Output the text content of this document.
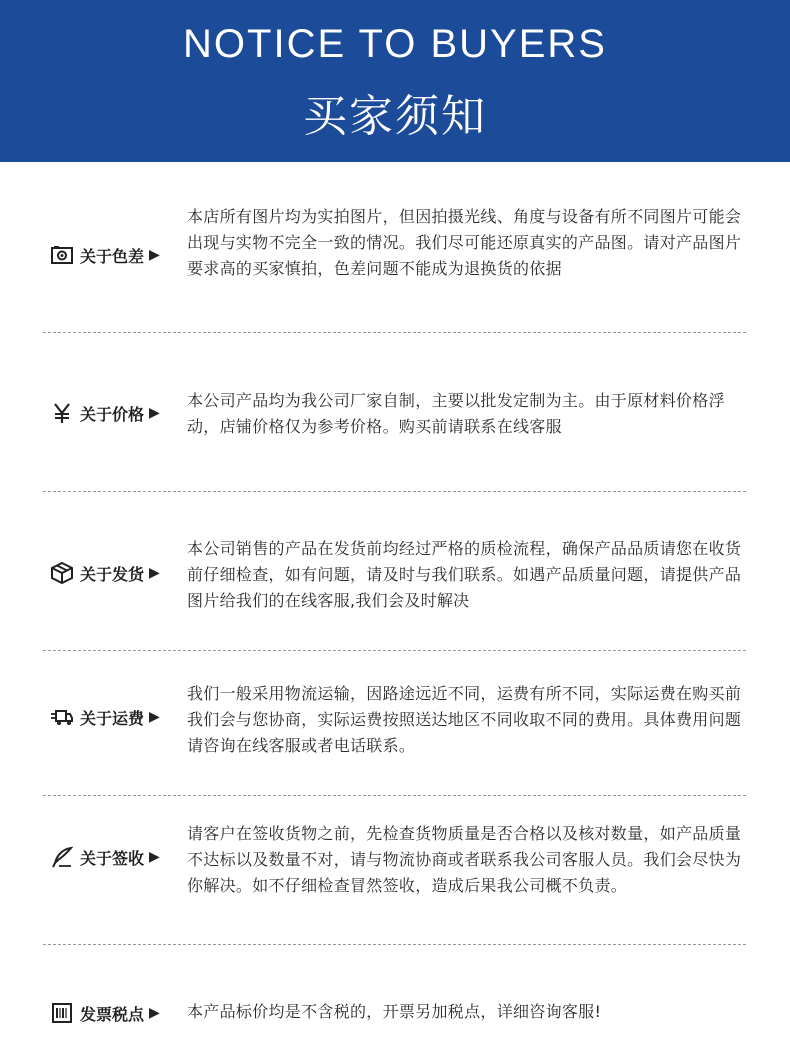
NOTICE TO BUYERS
买家须知
关于色差 ▶
本店所有图片均为实拍图片，但因拍摄光线、角度与设备有所不同图片可能会出现与实物不完全一致的情况。我们尽可能还原真实的产品图。请对产品图片要求高的买家慎拍，色差问题不能成为退换货的依据
关于价格 ▶
本公司产品均为我公司厂家自制，主要以批发定制为主。由于原材料价格浮动，店铺价格仅为参考价格。购买前请联系在线客服
关于发货 ▶
本公司销售的产品在发货前均经过严格的质检流程，确保产品品质请您在收货前仔细检查，如有问题，请及时与我们联系。如遇产品质量问题，请提供产品图片给我们的在线客服,我们会及时解决
关于运费 ▶
我们一般采用物流运输，因路途远近不同，运费有所不同，实际运费在购买前我们会与您协商，实际运费按照送达地区不同收取不同的费用。具体费用问题请咨询在线客服或者电话联系。
关于签收 ▶
请客户在签收货物之前，先检查货物质量是否合格以及核对数量，如产品质量不达标以及数量不对，请与物流协商或者联系我公司客服人员。我们会尽快为你解决。如不仔细检查冒然签收，造成后果我公司概不负责。
发票税点 ▶ 本产品标价均是不含税的，开票另加税点，详细咨询客服!
